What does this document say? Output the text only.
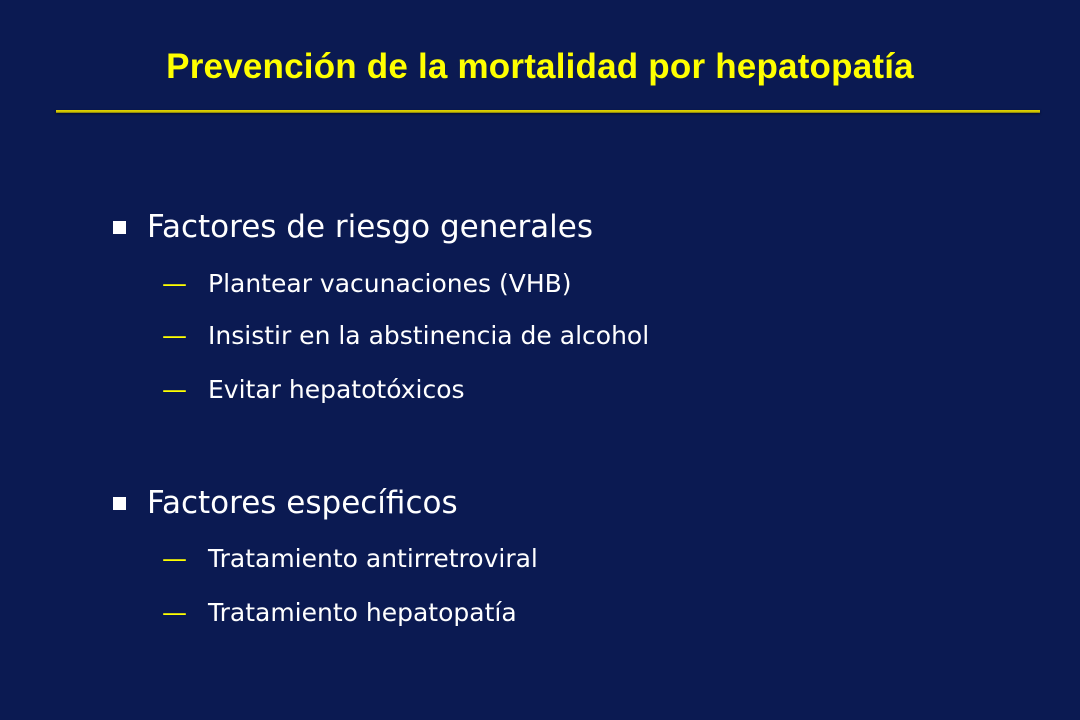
Prevención de la mortalidad por hepatopatía
Factores de riesgo generales
— Plantear vacunaciones (VHB)
— Insistir en la abstinencia de alcohol
— Evitar hepatotóxicos
Factores específicos
— Tratamiento antirretroviral
— Tratamiento hepatopatía
